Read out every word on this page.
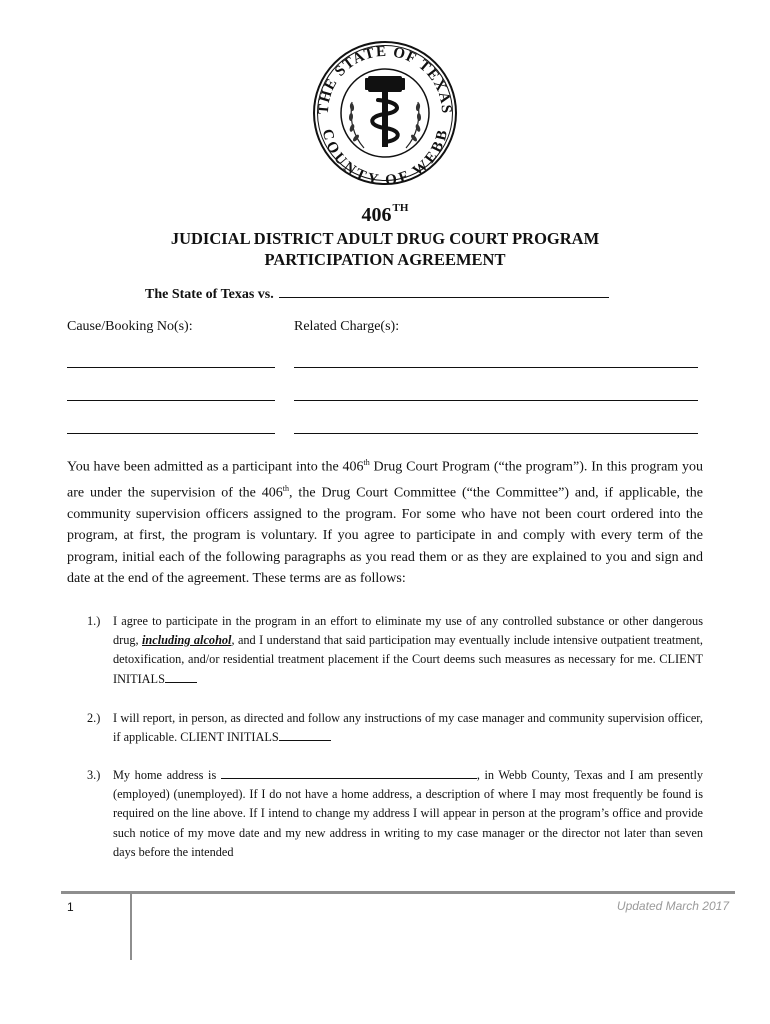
THE STATE OF TEXAS
COUNTY OF WEBB
406TH
JUDICIAL DISTRICT ADULT DRUG COURT PROGRAM
PARTICIPATION AGREEMENT
The State of Texas vs.
Cause/Booking No(s):	Related Charge(s):
You have been admitted as a participant into the 406th Drug Court Program (“the program”). In this program you are under the supervision of the 406th, the Drug Court Committee (“the Committee”) and, if applicable, the community supervision officers assigned to the program. For some who have not been court ordered into the program, at first, the program is voluntary. If you agree to participate in and comply with every term of the program, initial each of the following paragraphs as you read them or as they are explained to you and sign and date at the end of the agreement. These terms are as follows:
1.) I agree to participate in the program in an effort to eliminate my use of any controlled substance or other dangerous drug, including alcohol, and I understand that said participation may eventually include intensive outpatient treatment, detoxification, and/or residential treatment placement if the Court deems such measures as necessary for me. CLIENT INITIALS
2.) I will report, in person, as directed and follow any instructions of my case manager and community supervision officer, if applicable. CLIENT INITIALS
3.) My home address is	, in Webb County, Texas and I am presently (employed) (unemployed). If I do not have a home address, a description of where I may most frequently be found is required on the line above. If I intend to change my address I will appear in person at the program’s office and provide such notice of my move date and my new address in writing to my case manager or the director not later than seven days before the intended
1	Updated March 2017
